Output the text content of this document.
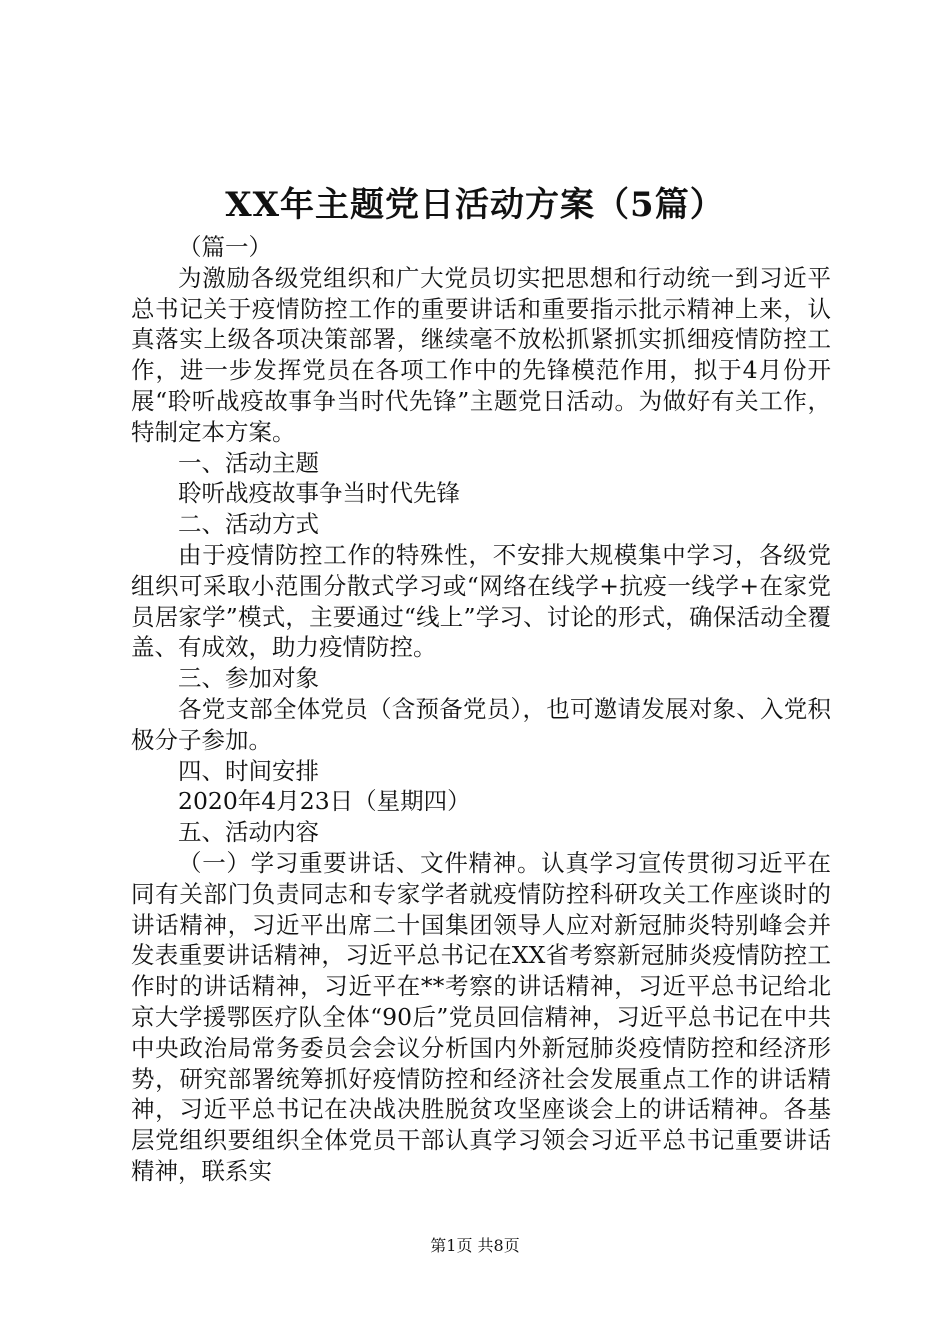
XX年主题党日活动方案（5篇）

（篇一）

为激励各级党组织和广大党员切实把思想和行动统一到习近平总书记关于疫情防控工作的重要讲话和重要指示批示精神上来，认真落实上级各项决策部署，继续毫不放松抓紧抓实抓细疫情防控工作，进一步发挥党员在各项工作中的先锋模范作用，拟于4月份开展“聆听战疫故事争当时代先锋”主题党日活动。为做好有关工作，特制定本方案。

一、活动主题

聆听战疫故事争当时代先锋

二、活动方式

由于疫情防控工作的特殊性，不安排大规模集中学习，各级党组织可采取小范围分散式学习或“网络在线学+抗疫一线学+在家党员居家学”模式，主要通过“线上”学习、讨论的形式，确保活动全覆盖、有成效，助力疫情防控。

三、参加对象

各党支部全体党员（含预备党员），也可邀请发展对象、入党积极分子参加。

四、时间安排

2020年4月23日（星期四）

五、活动内容

（一）学习重要讲话、文件精神。认真学习宣传贯彻习近平在同有关部门负责同志和专家学者就疫情防控科研攻关工作座谈时的讲话精神，习近平出席二十国集团领导人应对新冠肺炎特别峰会并发表重要讲话精神，习近平总书记在XX省考察新冠肺炎疫情防控工作时的讲话精神，习近平在**考察的讲话精神，习近平总书记给北京大学援鄂医疗队全体“90后”党员回信精神，习近平总书记在中共中央政治局常务委员会会议分析国内外新冠肺炎疫情防控和经济形势，研究部署统筹抓好疫情防控和经济社会发展重点工作的讲话精神，习近平总书记在决战决胜脱贫攻坚座谈会上的讲话精神。各基层党组织要组织全体党员干部认真学习领会习近平总书记重要讲话精神，联系实

第1页 共8页
